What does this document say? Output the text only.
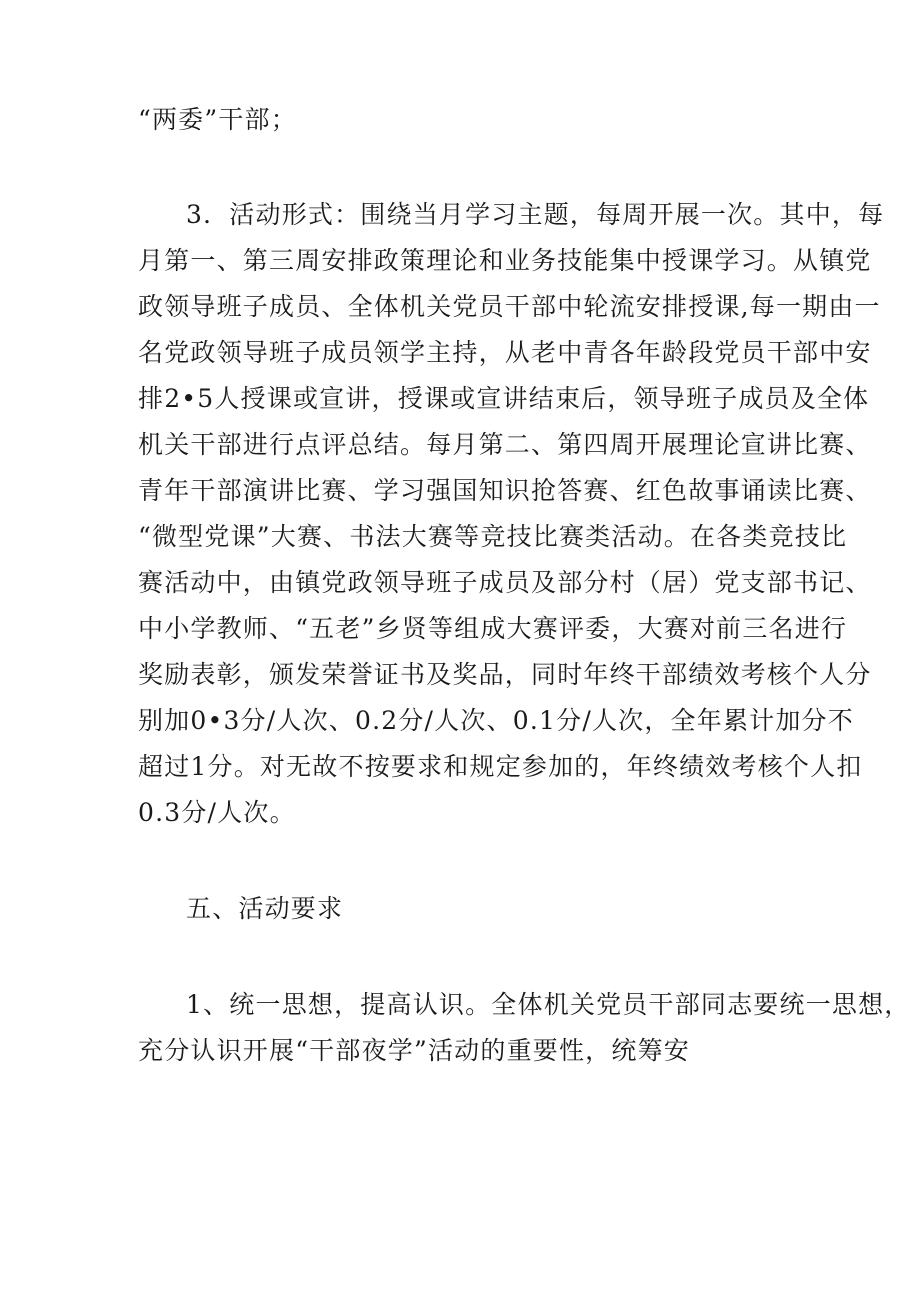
“两委”干部；
3．活动形式：围绕当月学习主题，每周开展一次。其中，每
月第一、第三周安排政策理论和业务技能集中授课学习。从镇党
政领导班子成员、全体机关党员干部中轮流安排授课,每一期由一
名党政领导班子成员领学主持，从老中青各年龄段党员干部中安
排2•5人授课或宣讲，授课或宣讲结束后，领导班子成员及全体
机关干部进行点评总结。每月第二、第四周开展理论宣讲比赛、
青年干部演讲比赛、学习强国知识抢答赛、红色故事诵读比赛、
“微型党课”大赛、书法大赛等竞技比赛类活动。在各类竞技比
赛活动中，由镇党政领导班子成员及部分村（居）党支部书记、
中小学教师、“五老”乡贤等组成大赛评委，大赛对前三名进行
奖励表彰，颁发荣誉证书及奖品，同时年终干部绩效考核个人分
别加0•3分/人次、0.2分/人次、0.1分/人次，全年累计加分不
超过1分。对无故不按要求和规定参加的，年终绩效考核个人扣
0.3分/人次。
五、活动要求
1、统一思想，提高认识。全体机关党员干部同志要统一思想，
充分认识开展“干部夜学”活动的重要性，统筹安
